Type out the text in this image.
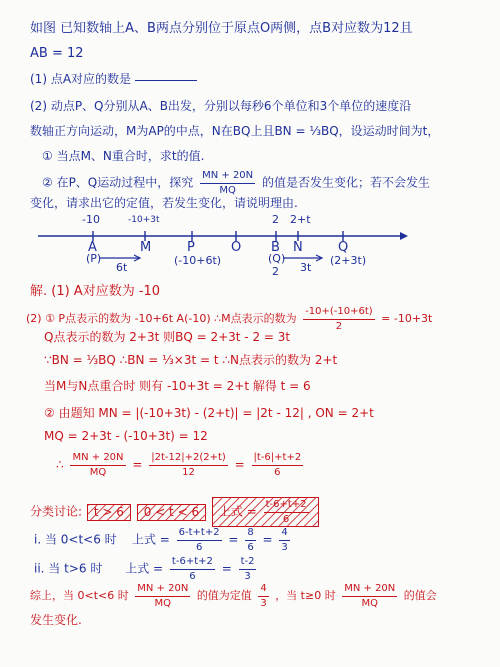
如图 已知数轴上A、B两点分别位于原点O两侧，点B对应数为12且
AB = 12
(1) 点A对应的数是
(2) 动点P、Q分别从A、B出发，分别以每秒6个单位和3个单位的速度沿
数轴正方向运动，M为AP的中点，N在BQ上且BN = ⅓BQ，设运动时间为t，
① 当点M、N重合时，求t的值.
② 在P、Q运动过程中，探究 $\frac{MN + 20N}{MQ}$ 的值是否发生变化；若不会发生
变化，请求出它的定值，若发生变化，请说明理由.
-10	-10+3t	2 2+t
A	M	P	O B N	Q
(P)
6t
(-10+6t)	(Q)
2 3t
(2+3t)
解. (1) A对应数为 -10
(2) ① P点表示的数为 -10+6t A(-10) ∴M点表示的数为 $\frac{-10+(-10+6t)}{2} = -10+3t$
Q点表示的数为 2+3t 则BQ = 2+3t - 2 = 3t
∵BN = ⅓BQ ∴BN = ⅓×3t = t ∴N点表示的数为 2+t
当M与N点重合时 则有 -10+3t = 2+t 解得 t = 6
② 由题知 MN = |(-10+3t) - (2+t)| = |2t - 12| , ON = 2+t
MQ = 2+3t - (-10+3t) = 12
∴ $\frac{MN + 20N}{MQ} = \frac{|2t-12|+2(2+t)}{12} = \frac{|t-6|+t+2}{6}$
分类讨论: t > 6 0 < t < 6 上式 = $\frac{t-6+t+2}{6}$
i. 当 0<t<6 时 上式 = $\frac{6-t+t+2}{6} = \frac{8}{6} = \frac{4}{3}$
ii. 当 t>6 时 上式 = $\frac{t-6+t+2}{6} = \frac{t-2}{3}$
综上，当 0<t<6 时 $\frac{MN + 20N}{MQ}$ 的值为定值 $\frac{4}{3}$ ，当 t≥0 时 $\frac{MN + 20N}{MQ}$ 的值会
发生变化.
